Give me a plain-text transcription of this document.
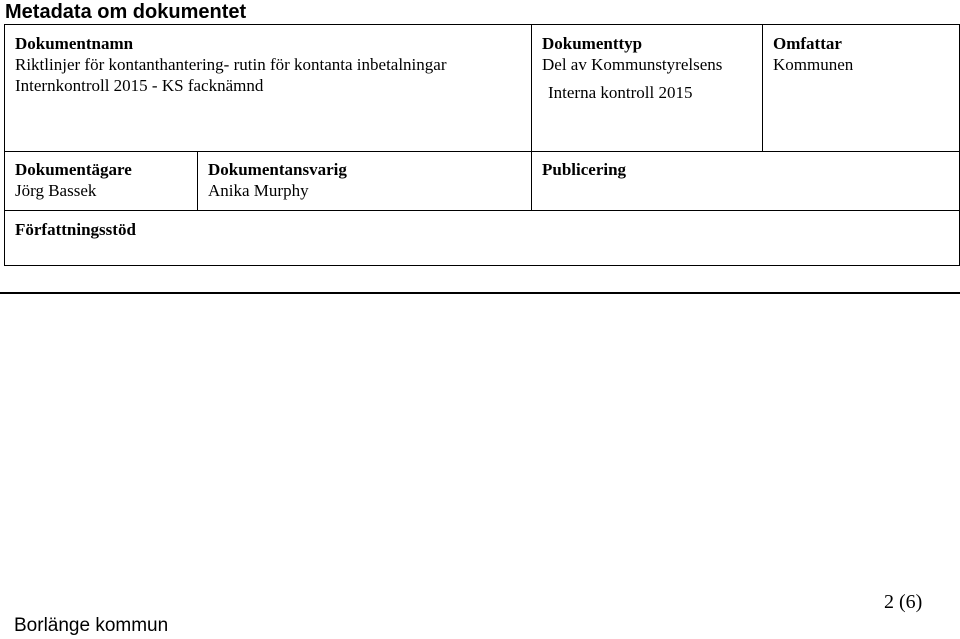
Metadata om dokumentet
Dokumentnamn
Riktlinjer för kontanthantering- rutin för kontanta inbetalningar
Internkontroll 2015 - KS facknämnd
Dokumenttyp
Del av Kommunstyrelsens
Interna kontroll 2015
Omfattar
Kommunen
Dokumentägare
Jörg Bassek
Dokumentansvarig
Anika Murphy
Publicering
Författningsstöd
2 (6)
Borlänge kommun
